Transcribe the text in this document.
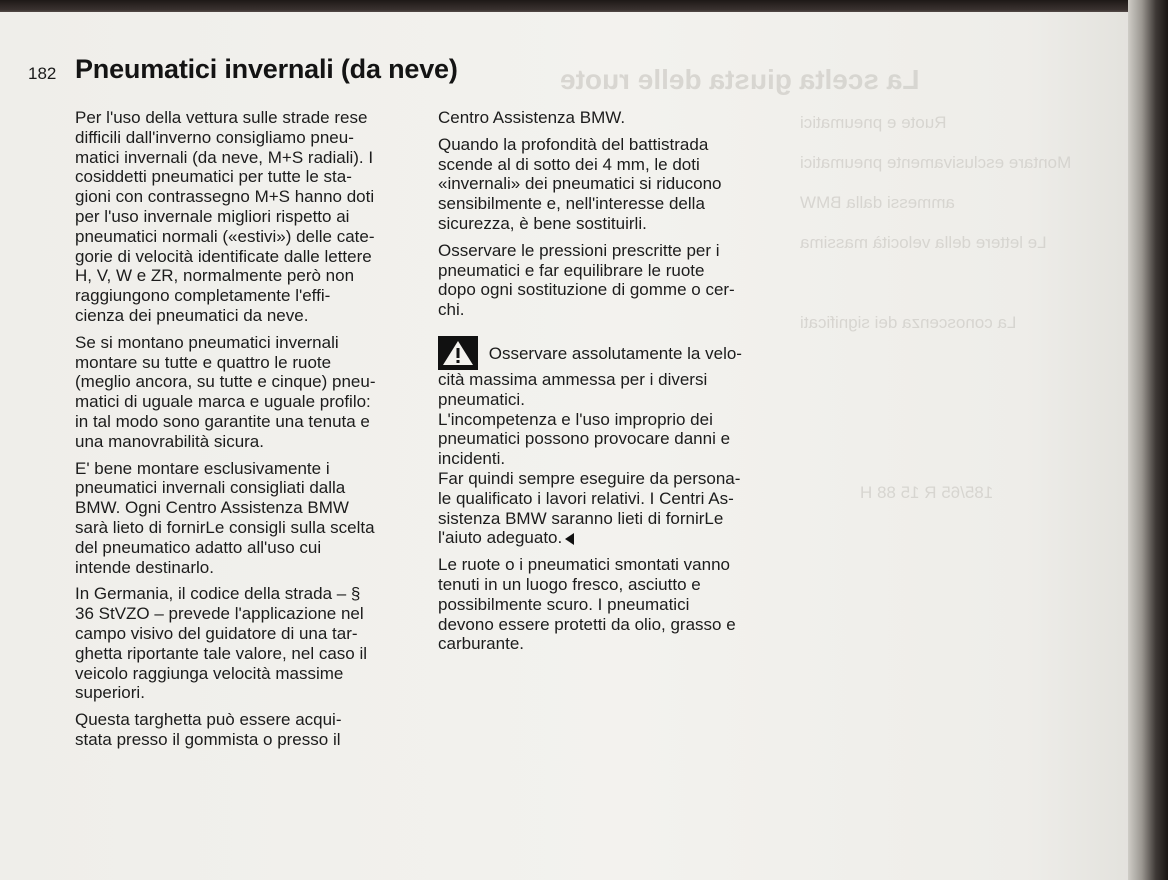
La scelta giusta delle ruote
Ruote e pneumatici
Montare esclusivamente pneumatici
ammessi dalla BMW
Le lettere della velocità massima
La conoscenza dei significati
185/65 R 15 88 H
182 Pneumatici invernali (da neve)

Per l'uso della vettura sulle strade rese
difficili dall'inverno consigliamo pneu-
matici invernali (da neve, M+S radiali). I
cosiddetti pneumatici per tutte le sta-
gioni con contrassegno M+S hanno doti
per l'uso invernale migliori rispetto ai
pneumatici normali («estivi») delle cate-
gorie di velocità identificate dalle lettere
H, V, W e ZR, normalmente però non
raggiungono completamente l'effi-
cienza dei pneumatici da neve.

Se si montano pneumatici invernali
montare su tutte e quattro le ruote
(meglio ancora, su tutte e cinque) pneu-
matici di uguale marca e uguale profilo:
in tal modo sono garantite una tenuta e
una manovrabilità sicura.

E' bene montare esclusivamente i
pneumatici invernali consigliati dalla
BMW. Ogni Centro Assistenza BMW
sarà lieto di fornirLe consigli sulla scelta
del pneumatico adatto all'uso cui
intende destinarlo.

In Germania, il codice della strada – §
36 StVZO – prevede l'applicazione nel
campo visivo del guidatore di una tar-
ghetta riportante tale valore, nel caso il
veicolo raggiunga velocità massime
superiori.

Questa targhetta può essere acqui-
stata presso il gommista o presso il

Centro Assistenza BMW.

Quando la profondità del battistrada
scende al di sotto dei 4 mm, le doti
«invernali» dei pneumatici si riducono
sensibilmente e, nell'interesse della
sicurezza, è bene sostituirli.

Osservare le pressioni prescritte per i
pneumatici e far equilibrare le ruote
dopo ogni sostituzione di gomme o cer-
chi.

Osservare assolutamente la velo-
cità massima ammessa per i diversi
pneumatici.
L'incompetenza e l'uso improprio dei
pneumatici possono provocare danni e
incidenti.
Far quindi sempre eseguire da persona-
le qualificato i lavori relativi. I Centri As-
sistenza BMW saranno lieti di fornirLe
l'aiuto adeguato.

Le ruote o i pneumatici smontati vanno
tenuti in un luogo fresco, asciutto e
possibilmente scuro. I pneumatici
devono essere protetti da olio, grasso e
carburante.
